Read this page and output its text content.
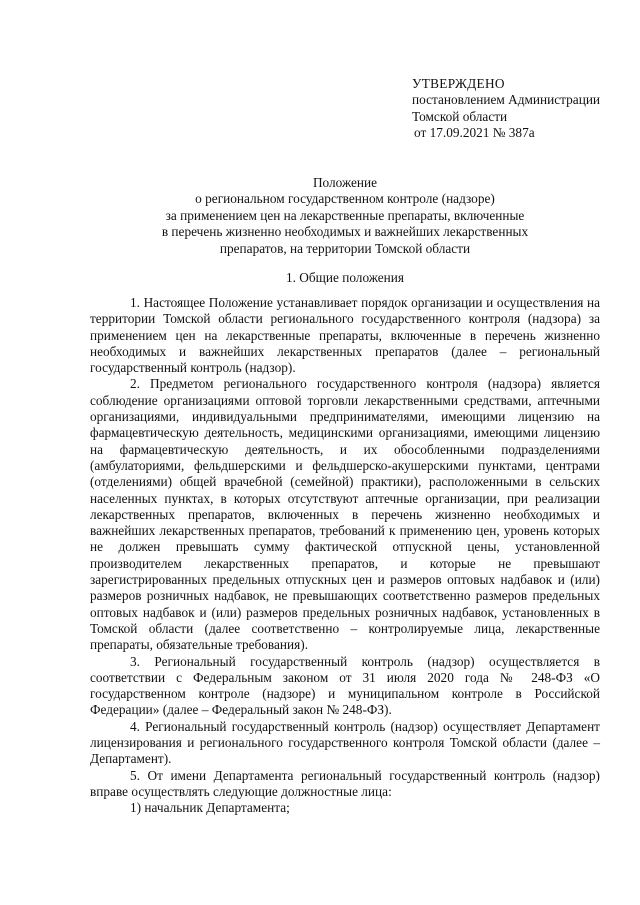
УТВЕРЖДЕНО
постановлением Администрации
Томской области
от 17.09.2021 № 387а
Положение
о региональном государственном контроле (надзоре)
за применением цен на лекарственные препараты, включенные
в перечень жизненно необходимых и важнейших лекарственных
препаратов, на территории Томской области
1. Общие положения

1. Настоящее Положение устанавливает порядок организации и осуществления на территории Томской области регионального государственного контроля (надзора) за применением цен на лекарственные препараты, включенные в перечень жизненно необходимых и важнейших лекарственных препаратов (далее – региональный государственный контроль (надзор).

2. Предметом регионального государственного контроля (надзора) является соблюдение организациями оптовой торговли лекарственными средствами, аптечными организациями, индивидуальными предпринимателями, имеющими лицензию на фармацевтическую деятельность, медицинскими организациями, имеющими лицензию на фармацевтическую деятельность, и их обособленными подразделениями (амбулаториями, фельдшерскими и фельдшерско-акушерскими пунктами, центрами (отделениями) общей врачебной (семейной) практики), расположенными в сельских населенных пунктах, в которых отсутствуют аптечные организации, при реализации лекарственных препаратов, включенных в перечень жизненно необходимых и важнейших лекарственных препаратов, требований к применению цен, уровень которых не должен превышать сумму фактической отпускной цены, установленной производителем лекарственных препаратов, и которые не превышают зарегистрированных предельных отпускных цен и размеров оптовых надбавок и (или) размеров розничных надбавок, не превышающих соответственно размеров предельных оптовых надбавок и (или) размеров предельных розничных надбавок, установленных в Томской области (далее соответственно – контролируемые лица, лекарственные препараты, обязательные требования).

3. Региональный государственный контроль (надзор) осуществляется в соответствии с Федеральным законом от 31 июля 2020 года № 248-ФЗ «О государственном контроле (надзоре) и муниципальном контроле в Российской Федерации» (далее – Федеральный закон № 248-ФЗ).

4. Региональный государственный контроль (надзор) осуществляет Департамент лицензирования и регионального государственного контроля Томской области (далее – Департамент).

5. От имени Департамента региональный государственный контроль (надзор) вправе осуществлять следующие должностные лица:

1) начальник Департамента;
